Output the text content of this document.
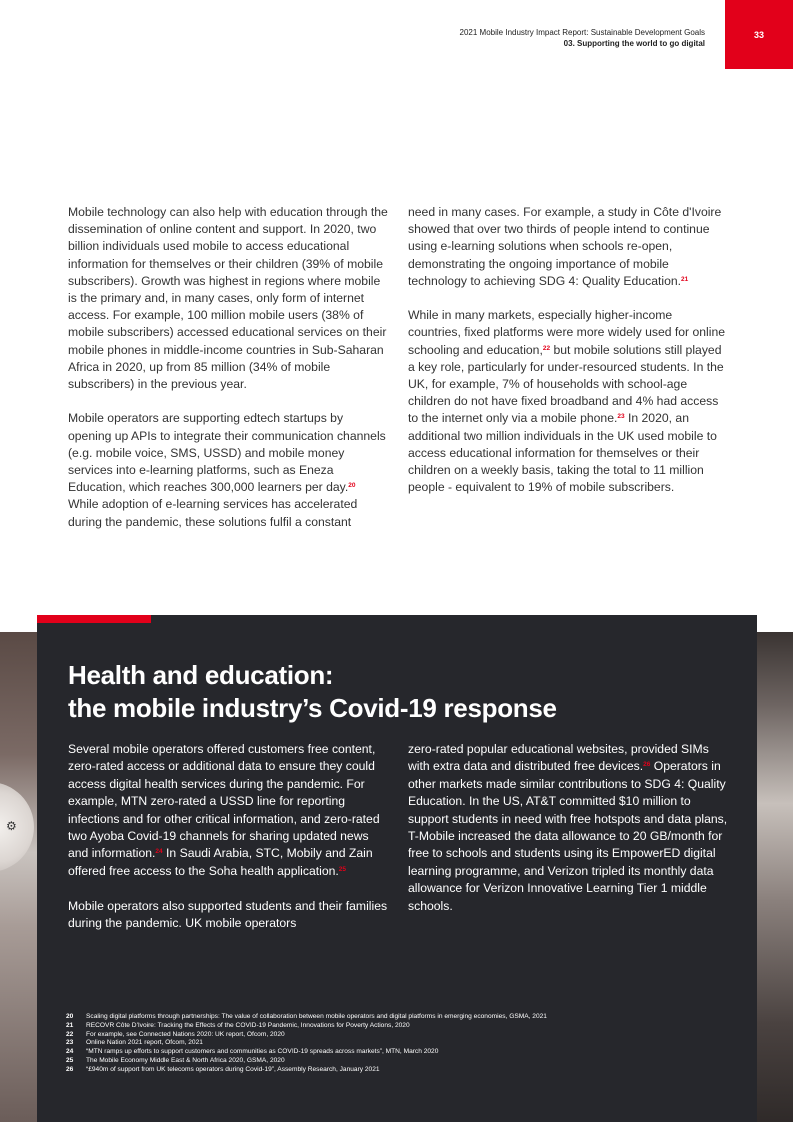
2021 Mobile Industry Impact Report: Sustainable Development Goals
03. Supporting the world to go digital
33

Mobile technology can also help with education through the dissemination of online content and support. In 2020, two billion individuals used mobile to access educational information for themselves or their children (39% of mobile subscribers). Growth was highest in regions where mobile is the primary and, in many cases, only form of internet access. For example, 100 million mobile users (38% of mobile subscribers) accessed educational services on their mobile phones in middle-income countries in Sub-Saharan Africa in 2020, up from 85 million (34% of mobile subscribers) in the previous year.

Mobile operators are supporting edtech startups by opening up APIs to integrate their communication channels (e.g. mobile voice, SMS, USSD) and mobile money services into e-learning platforms, such as Eneza Education, which reaches 300,000 learners per day.$^{20}$ While adoption of e-learning services has accelerated during the pandemic, these solutions fulfil a constant

need in many cases. For example, a study in Côte d'Ivoire showed that over two thirds of people intend to continue using e-learning solutions when schools re-open, demonstrating the ongoing importance of mobile technology to achieving SDG 4: Quality Education.$^{21}$

While in many markets, especially higher-income countries, fixed platforms were more widely used for online schooling and education,$^{22}$ but mobile solutions still played a key role, particularly for under-resourced students. In the UK, for example, 7% of households with school-age children do not have fixed broadband and 4% had access to the internet only via a mobile phone.$^{23}$ In 2020, an additional two million individuals in the UK used mobile to access educational information for themselves or their children on a weekly basis, taking the total to 11 million people - equivalent to 19% of mobile subscribers.

⚙
Health and education:
the mobile industry’s Covid-19 response

Several mobile operators offered customers free content, zero-rated access or additional data to ensure they could access digital health services during the pandemic. For example, MTN zero-rated a USSD line for reporting infections and for other critical information, and zero-rated two Ayoba Covid-19 channels for sharing updated news and information.$^{24}$ In Saudi Arabia, STC, Mobily and Zain offered free access to the Soha health application.$^{25}$

Mobile operators also supported students and their families during the pandemic. UK mobile operators

zero-rated popular educational websites, provided SIMs with extra data and distributed free devices.$^{26}$ Operators in other markets made similar contributions to SDG 4: Quality Education. In the US, AT&T committed $10 million to support students in need with free hotspots and data plans, T-Mobile increased the data allowance to 20 GB/month for free to schools and students using its EmpowerED digital learning programme, and Verizon tripled its monthly data allowance for Verizon Innovative Learning Tier 1 middle schools.

20	Scaling digital platforms through partnerships: The value of collaboration between mobile operators and digital platforms in emerging economies, GSMA, 2021
21	RECOVR Côte D'Ivoire: Tracking the Effects of the COVID-19 Pandemic, Innovations for Poverty Actions, 2020
22	For example, see Connected Nations 2020: UK report, Ofcom, 2020
23	Online Nation 2021 report, Ofcom, 2021
24	“MTN ramps up efforts to support customers and communities as COVID-19 spreads across markets”, MTN, March 2020
25	The Mobile Economy Middle East & North Africa 2020, GSMA, 2020
26	“£940m of support from UK telecoms operators during Covid-19”, Assembly Research, January 2021
